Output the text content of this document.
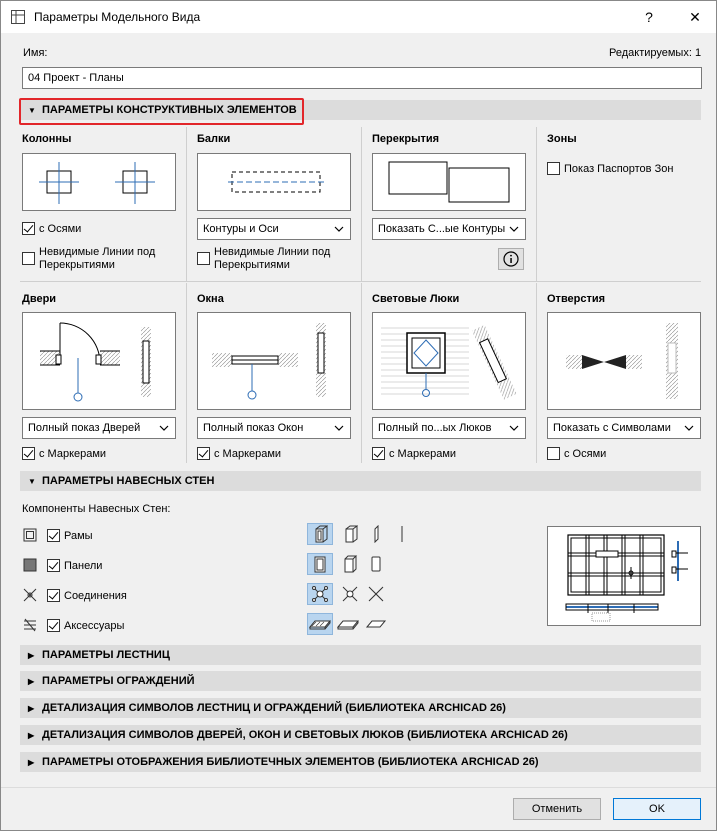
Параметры Модельного Вида	?	✕
Имя:	Редактируемых: 1
04 Проект - Планы
▼ ПАРАМЕТРЫ КОНСТРУКТИВНЫХ ЭЛЕМЕНТОВ
Колонны
с Осями
Невидимые Линии под Перекрытиями
Балки
Контуры и Оси
Невидимые Линии под Перекрытиями
Перекрытия
Показать С...ые Контуры
Зоны
Показ Паспортов Зон
Двери
Полный показ Дверей
с Маркерами
Окна
Полный показ Окон
с Маркерами
Световые Люки
Полный по...ых Люков
с Маркерами
Отверстия
Показать с Символами
с Осями
▼ ПАРАМЕТРЫ НАВЕСНЫХ СТЕН
Компоненты Навесных Стен:
Рамы
Панели
Соединения
Аксессуары
▶ ПАРАМЕТРЫ ЛЕСТНИЦ
▶ ПАРАМЕТРЫ ОГРАЖДЕНИЙ
▶ ДЕТАЛИЗАЦИЯ СИМВОЛОВ ЛЕСТНИЦ И ОГРАЖДЕНИЙ (БИБЛИОТЕКА ARCHICAD 26)
▶ ДЕТАЛИЗАЦИЯ СИМВОЛОВ ДВЕРЕЙ, ОКОН И СВЕТОВЫХ ЛЮКОВ (БИБЛИОТЕКА ARCHICAD 26)
▶ ПАРАМЕТРЫ ОТОБРАЖЕНИЯ БИБЛИОТЕЧНЫХ ЭЛЕМЕНТОВ (БИБЛИОТЕКА ARCHICAD 26)
Отменить	OK
